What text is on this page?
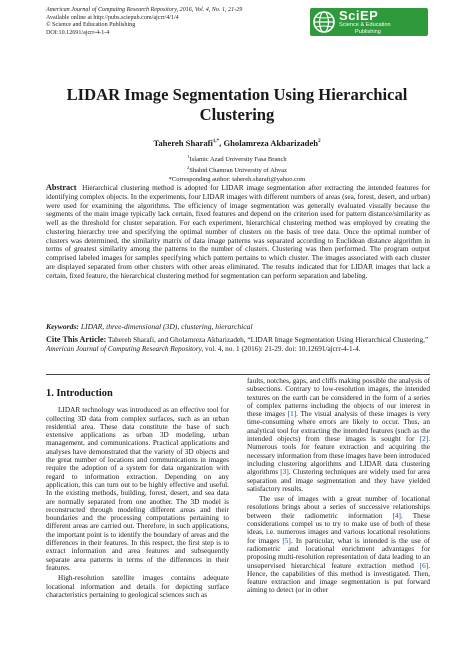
American Journal of Computing Research Repository, 2016, Vol. 4, No. 1, 21-29
Available online at http://pubs.sciepub.com/ajcrr/4/1/4
© Science and Education Publishing
DOI:10.12691/ajcrr-4-1-4
SciEP
Science & Education
Publishing
LIDAR Image Segmentation Using Hierarchical
Clustering
Tahereh Sharafi$^{1,*}$, Gholamreza Akbarizadeh$^2$
$^1$Islamic Azad University Fasa Branch
$^2$Shahid Chamran University of Ahvaz
*Corresponding author: tahereh.sharafi@yahoo.com
Abstract Hierarchical clustering method is adopted for LIDAR image segmentation after extracting the intended features for identifying complex objects. In the experiments, four LIDAR images with different numbers of areas (sea, forest, desert, and urban) were used for examining the algorithms. The efficiency of image segmentation was generally evaluated visually because the segments of the main image typically lack certain, fixed features and depend on the criterion used for pattern distance/similarity as well as the threshold for cluster separation. For each experiment, hierarchical clustering method was employed by creating the clustering hierarchy tree and specifying the optimal number of clusters on the basis of tree data. Once the optimal number of clusters was determined, the similarity matrix of data image patterns was separated according to Euclidean distance algorithm in terms of greatest similarity among the patterns to the number of clusters. Clustering was then performed. The program output comprised labeled images for samples specifying which pattern pertains to which cluster. The images associated with each cluster are displayed separated from other clusters with other areas eliminated. The results indicated that for LIDAR images that lack a certain, fixed feature, the hierarchical clustering method for segmentation can perform separation and labeling.
Keywords: LIDAR, three-dimensional (3D), clustering, hierarchical
Cite This Article: Tahereh Sharafi, and Gholamreza Akbarizadeh, “LIDAR Image Segmentation Using Hierarchical Clustering,” American Journal of Computing Research Repository, vol. 4, no. 1 (2016): 21-29. doi: 10.12691/ajcrr-4-1-4.
1. Introduction

LIDAR technology was introduced as an effective tool for collecting 3D data from complex surfaces, such as an urban residential area. These data constitute the base of such extensive applications as urban 3D modeling, urban management, and communications. Practical applications and analyses have demonstrated that the variety of 3D objects and the great number of locations and communications in images require the adoption of a system for data organization with regard to information extraction. Depending on any application, this can turn out to be highly effective and useful. In the existing methods, building, forest, desert, and sea data are normally separated from one another. The 3D model is reconstructed through modeling different areas and their boundaries and the processing computations pertaining to different areas are carried out. Therefore, in such applications, the important point is to identify the boundary of areas and the differences in their features. In this respect, the first step is to extract information and area features and subsequently separate area patterns in terms of the differences in their features.

High-resolution satellite images contains adequate locational information and details for depicting surface characteristics pertaining to geological sciences such as

faults, notches, gaps, and cliffs making possible the analysis of subsections. Contrary to low-resolution images, the intended textures on the earth can be considered in the form of a series of complex patterns including the objects of our interest in these images [1]. The visual analysis of these images is very time-consuming where errors are likely to occur. Thus, an analytical tool for extracting the intended features (such as the intended objects) from these images is sought for [2]. Numerous tools for feature extraction and acquiring the necessary information from these images have been introduced including clustering algorithms and LIDAR data clustering algorithms [3]. Clustering techniques are widely used for area separation and image segmentation and they have yielded satisfactory results.

The use of images with a great number of locational resolutions brings about a series of successive relationships between their radiometric information [4]. These considerations compel us to try to make use of both of these ideas, i.e. numerous images and various locational resolutions for images [5]. In particular, what is intended is the use of radiometric and locational enrichment advantages for proposing multi-resolution representation of data leading to an unsupervised hierarchical feature extraction method [6]. Hence, the capabilities of this method is investigated. Then, feature extraction and image segmentation is put forward aiming to detect (or in other
